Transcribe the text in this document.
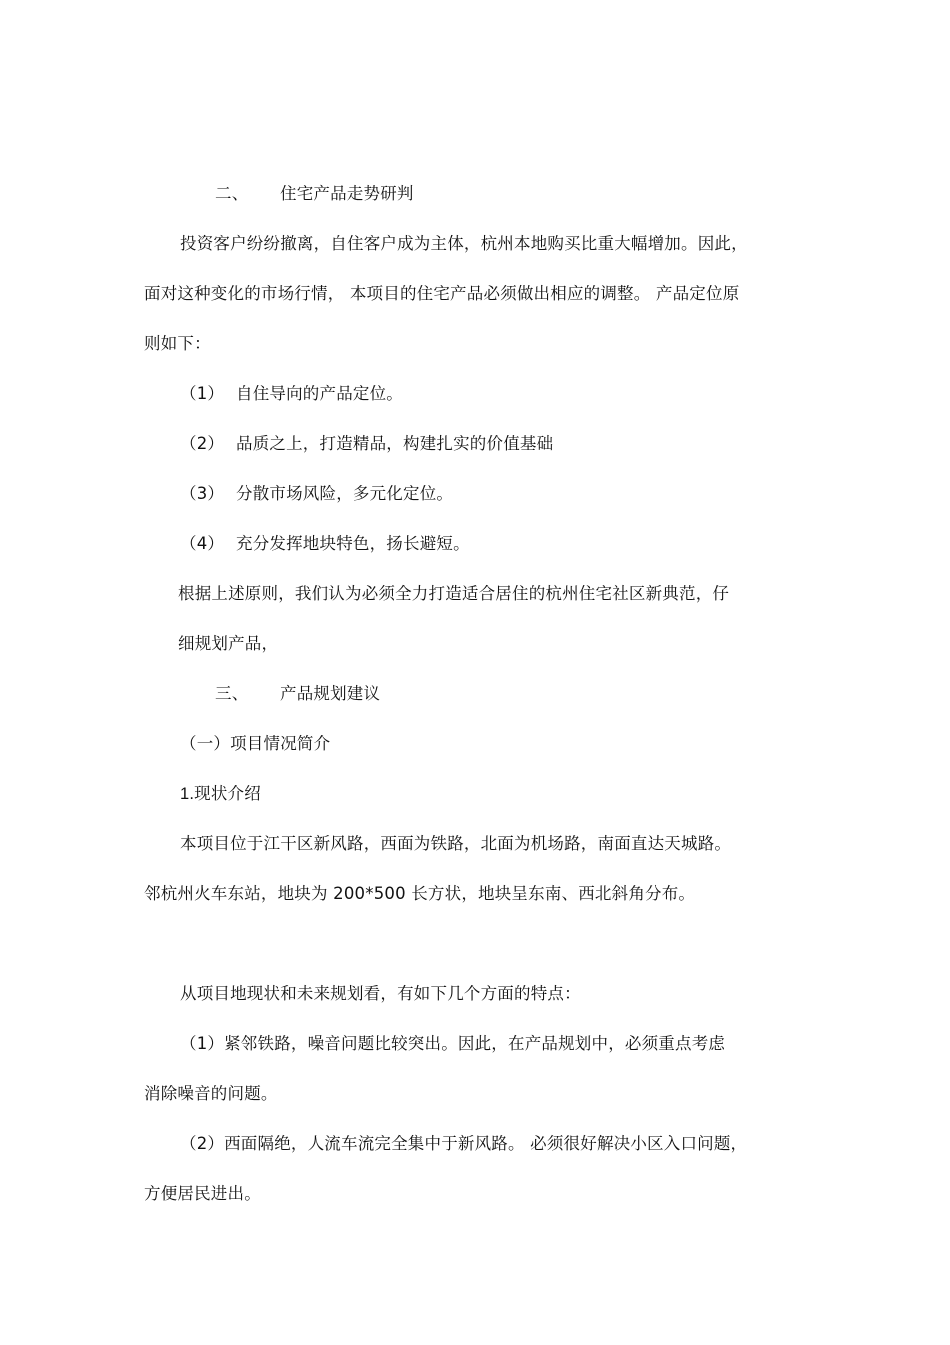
二、 住宅产品走势研判
投资客户纷纷撤离，自住客户成为主体，杭州本地购买比重大幅增加。因此，
面对这种变化的市场行情， 本项目的住宅产品必须做出相应的调整。 产品定位原
则如下：
（1） 自住导向的产品定位。
（2） 品质之上，打造精品，构建扎实的价值基础
（3） 分散市场风险，多元化定位。
（4） 充分发挥地块特色，扬长避短。
根据上述原则，我们认为必须全力打造适合居住的杭州住宅社区新典范，仔
细规划产品，
三、 产品规划建议
（一）项目情况简介
1.现状介绍
本项目位于江干区新风路，西面为铁路，北面为机场路，南面直达天城路。
邻杭州火车东站，地块为 200*500 长方状，地块呈东南、西北斜角分布。
从项目地现状和未来规划看，有如下几个方面的特点：
（1）紧邻铁路，噪音问题比较突出。因此，在产品规划中，必须重点考虑
消除噪音的问题。
（2）西面隔绝，人流车流完全集中于新风路。 必须很好解决小区入口问题，
方便居民进出。
